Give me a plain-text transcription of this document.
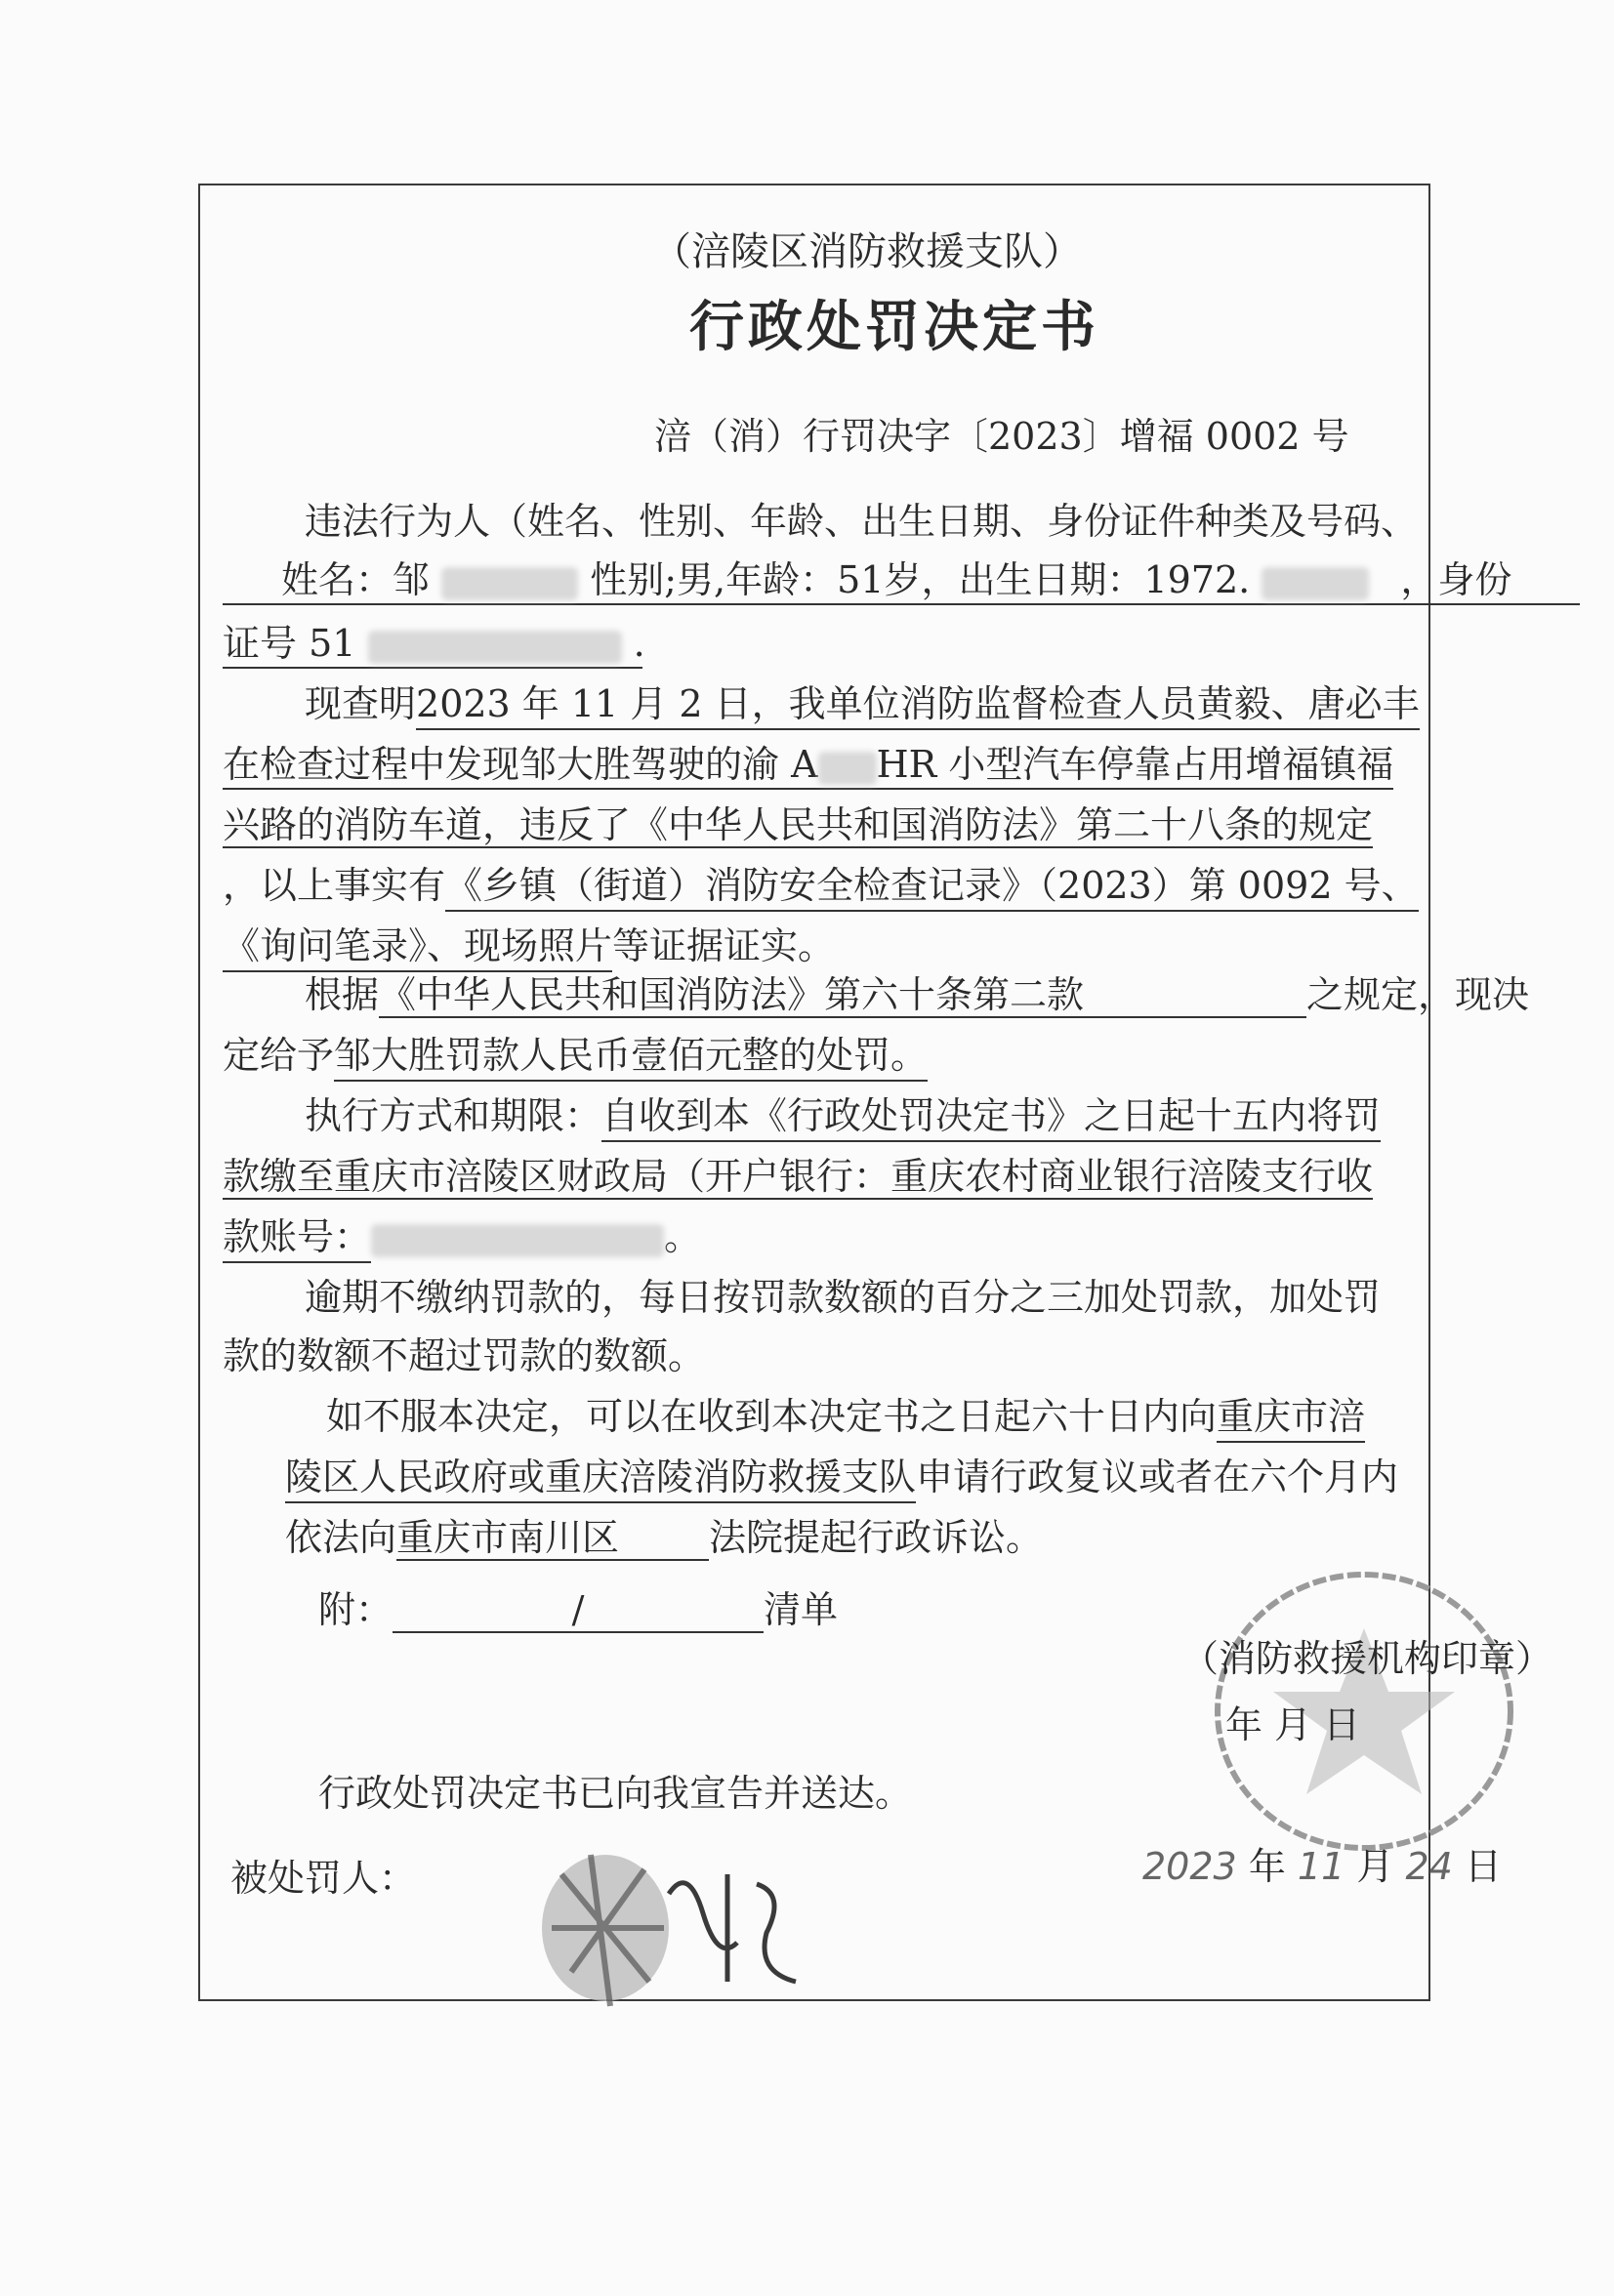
（涪陵区消防救援支队）
行政处罚决定书
涪（消）行罚决字〔2023〕增福 0002 号
违法行为人（姓名、性别、年龄、出生日期、身份证件种类及号码、
姓名：邹	性别;男,年龄：51岁，出生日期：1972.	，身份
证号 51	.
现查明2023 年 11 月 2 日，我单位消防监督检查人员黄毅、唐必丰
在检查过程中发现邹大胜驾驶的渝 A HR 小型汽车停靠占用增福镇福
兴路的消防车道，违反了《中华人民共和国消防法》第二十八条的规定
，以上事实有《乡镇（街道）消防安全检查记录》（2023）第 0092 号、
《询问笔录》、现场照片等证据证实。
根据《中华人民共和国消防法》第六十条第二款	之规定，现决
定给予邹大胜罚款人民币壹佰元整的处罚。
执行方式和期限：自收到本《行政处罚决定书》之日起十五内将罚
款缴至重庆市涪陵区财政局（开户银行：重庆农村商业银行涪陵支行收
款账号：	。
逾期不缴纳罚款的，每日按罚款数额的百分之三加处罚款，加处罚
款的数额不超过罚款的数额。
如不服本决定，可以在收到本决定书之日起六十日内向重庆市涪
陵区人民政府或重庆涪陵消防救援支队申请行政复议或者在六个月内
依法向重庆市南川区 法院提起行政诉讼。
附：	/	清单
（消防救援机构印章）
年 月 日
行政处罚决定书已向我宣告并送达。
被处罚人：	2023 年 11 月 24 日
